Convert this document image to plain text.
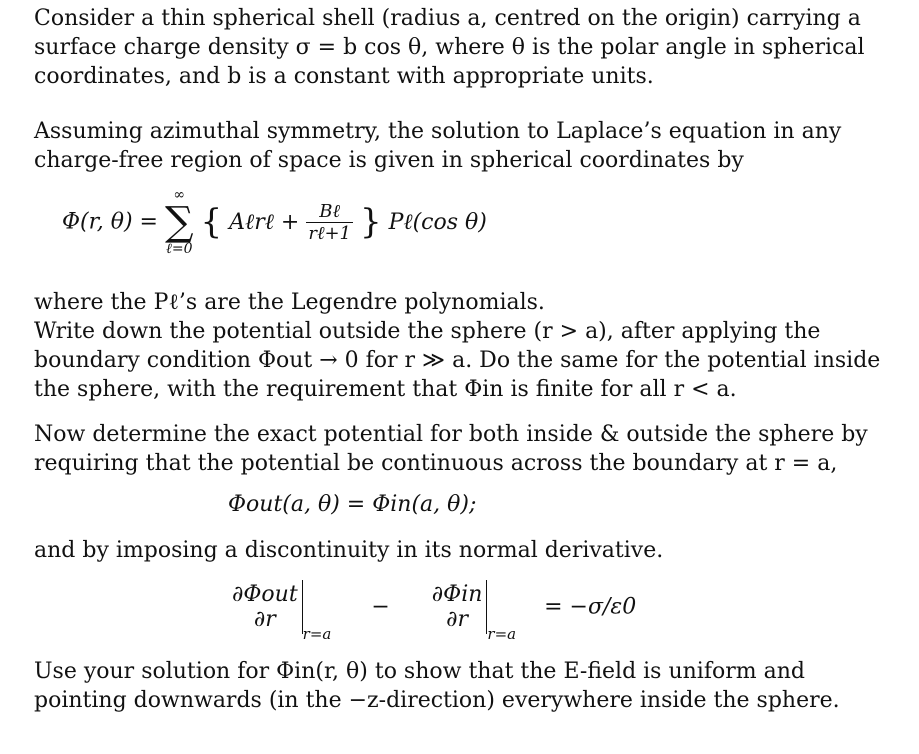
Consider a thin spherical shell (radius a, centred on the origin) carrying a surface charge density σ = b cos θ, where θ is the polar angle in spherical coordinates, and b is a constant with appropriate units.

Assuming azimuthal symmetry, the solution to Laplace’s equation in any charge-free region of space is given in spherical coordinates by

Φ(r, θ) =
∞
∑
ℓ=0
{ Aℓrℓ + $\frac{\text{Bℓ}}{\text{rℓ+1}}$ } Pℓ(cos θ)

where the Pℓ’s are the Legendre polynomials.

Write down the potential outside the sphere (r > a), after applying the boundary condition Φout → 0 for r ≫ a. Do the same for the potential inside the sphere, with the requirement that Φin is finite for all r < a.

Now determine the exact potential for both inside & outside the sphere by requiring that the potential be continuous across the boundary at r = a,

Φout(a, θ) = Φin(a, θ);

and by imposing a discontinuity in its normal derivative.

∂Φout
∂r
$_{r=a}$  − ∂Φin
∂r
$_{r=a}$  = −σ/ε0

Use your solution for Φin(r, θ) to show that the E-field is uniform and pointing downwards (in the −z-direction) everywhere inside the sphere.
